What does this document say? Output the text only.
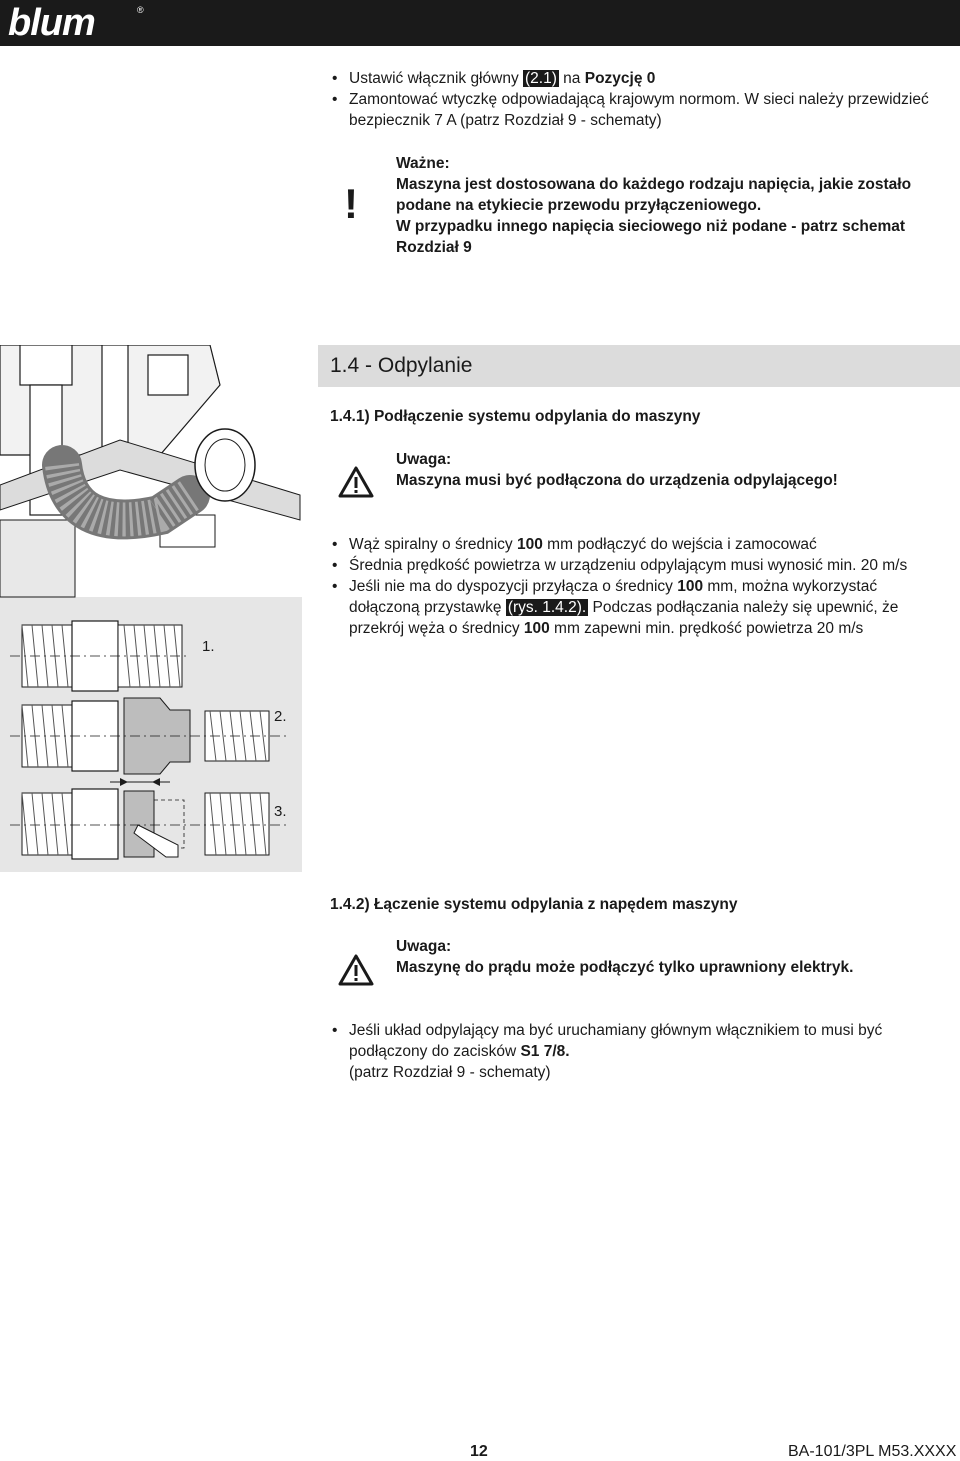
blum	®
• Ustawić włącznik główny (2.1) na Pozycję 0
• Zamontować wtyczkę odpowiadającą krajowym normom. W sieci należy przewidzieć
bezpiecznik 7 A (patrz Rozdział 9 - schematy)
!
Ważne:
Maszyna jest dostosowana do każdego rodzaju napięcia, jakie zostało
podane na etykiecie przewodu przyłączeniowego.
W przypadku innego napięcia sieciowego niż podane - patrz schemat
Rozdział 9
1.
2.
3.
1.4 - Odpylanie
1.4.1) Podłączenie systemu odpylania do maszyny
Uwaga:
Maszyna musi być podłączona do urządzenia odpylającego!
• Wąż spiralny o średnicy 100 mm podłączyć do wejścia i zamocować
• Średnia prędkość powietrza w urządzeniu odpylającym musi wynosić min. 20 m/s
• Jeśli nie ma do dyspozycji przyłącza o średnicy 100 mm, można wykorzystać
dołączoną przystawkę (rys. 1.4.2). Podczas podłączania należy się upewnić, że
przekrój węża o średnicy 100 mm zapewni min. prędkość powietrza 20 m/s
1.4.2) Łączenie systemu odpylania z napędem maszyny
Uwaga:
Maszynę do prądu może podłączyć tylko uprawniony elektryk.
• Jeśli układ odpylający ma być uruchamiany głównym włącznikiem to musi być
podłączony do zacisków S1 7/8.
(patrz Rozdział 9 - schematy)
12	BA-101/3PL M53.XXXX
